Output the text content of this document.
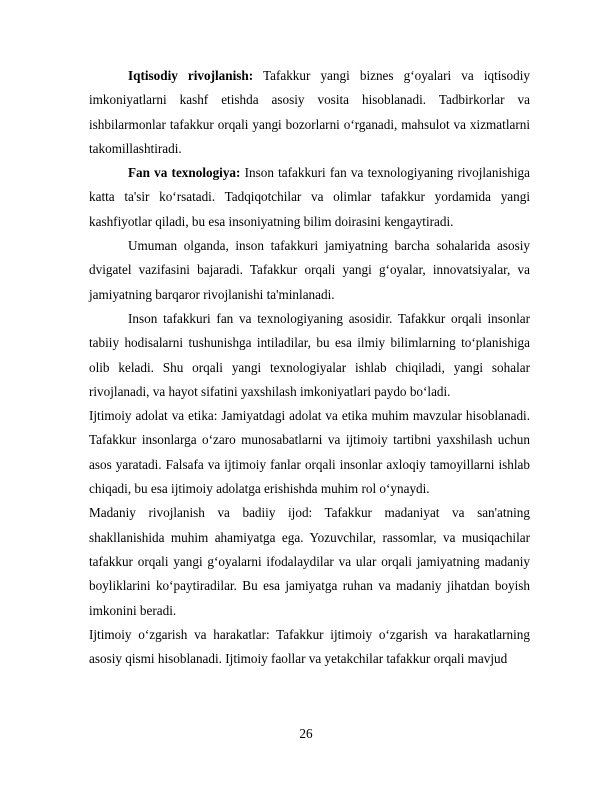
Iqtisodiy rivojlanish: Tafakkur yangi biznes g‘oyalari va iqtisodiy imkoniyatlarni kashf etishda asosiy vosita hisoblanadi. Tadbirkorlar va ishbilarmonlar tafakkur orqali yangi bozorlarni o‘rganadi, mahsulot va xizmatlarni takomillashtiradi.

Fan va texnologiya: Inson tafakkuri fan va texnologiyaning rivojlanishiga katta ta'sir ko‘rsatadi. Tadqiqotchilar va olimlar tafakkur yordamida yangi kashfiyotlar qiladi, bu esa insoniyatning bilim doirasini kengaytiradi.

Umuman olganda, inson tafakkuri jamiyatning barcha sohalarida asosiy dvigatel vazifasini bajaradi. Tafakkur orqali yangi g‘oyalar, innovatsiyalar, va jamiyatning barqaror rivojlanishi ta'minlanadi.

Inson tafakkuri fan va texnologiyaning asosidir. Tafakkur orqali insonlar tabiiy hodisalarni tushunishga intiladilar, bu esa ilmiy bilimlarning to‘planishiga olib keladi. Shu orqali yangi texnologiyalar ishlab chiqiladi, yangi sohalar rivojlanadi, va hayot sifatini yaxshilash imkoniyatlari paydo bo‘ladi.

Ijtimoiy adolat va etika: Jamiyatdagi adolat va etika muhim mavzular hisoblanadi. Tafakkur insonlarga o‘zaro munosabatlarni va ijtimoiy tartibni yaxshilash uchun asos yaratadi. Falsafa va ijtimoiy fanlar orqali insonlar axloqiy tamoyillarni ishlab chiqadi, bu esa ijtimoiy adolatga erishishda muhim rol o‘ynaydi.

Madaniy rivojlanish va badiiy ijod: Tafakkur madaniyat va san'atning shakllanishida muhim ahamiyatga ega. Yozuvchilar, rassomlar, va musiqachilar tafakkur orqali yangi g‘oyalarni ifodalaydilar va ular orqali jamiyatning madaniy boyliklarini ko‘paytiradilar. Bu esa jamiyatga ruhan va madaniy jihatdan boyish imkonini beradi.

Ijtimoiy o‘zgarish va harakatlar: Tafakkur ijtimoiy o‘zgarish va harakatlarning asosiy qismi hisoblanadi. Ijtimoiy faollar va yetakchilar tafakkur orqali mavjud

26
